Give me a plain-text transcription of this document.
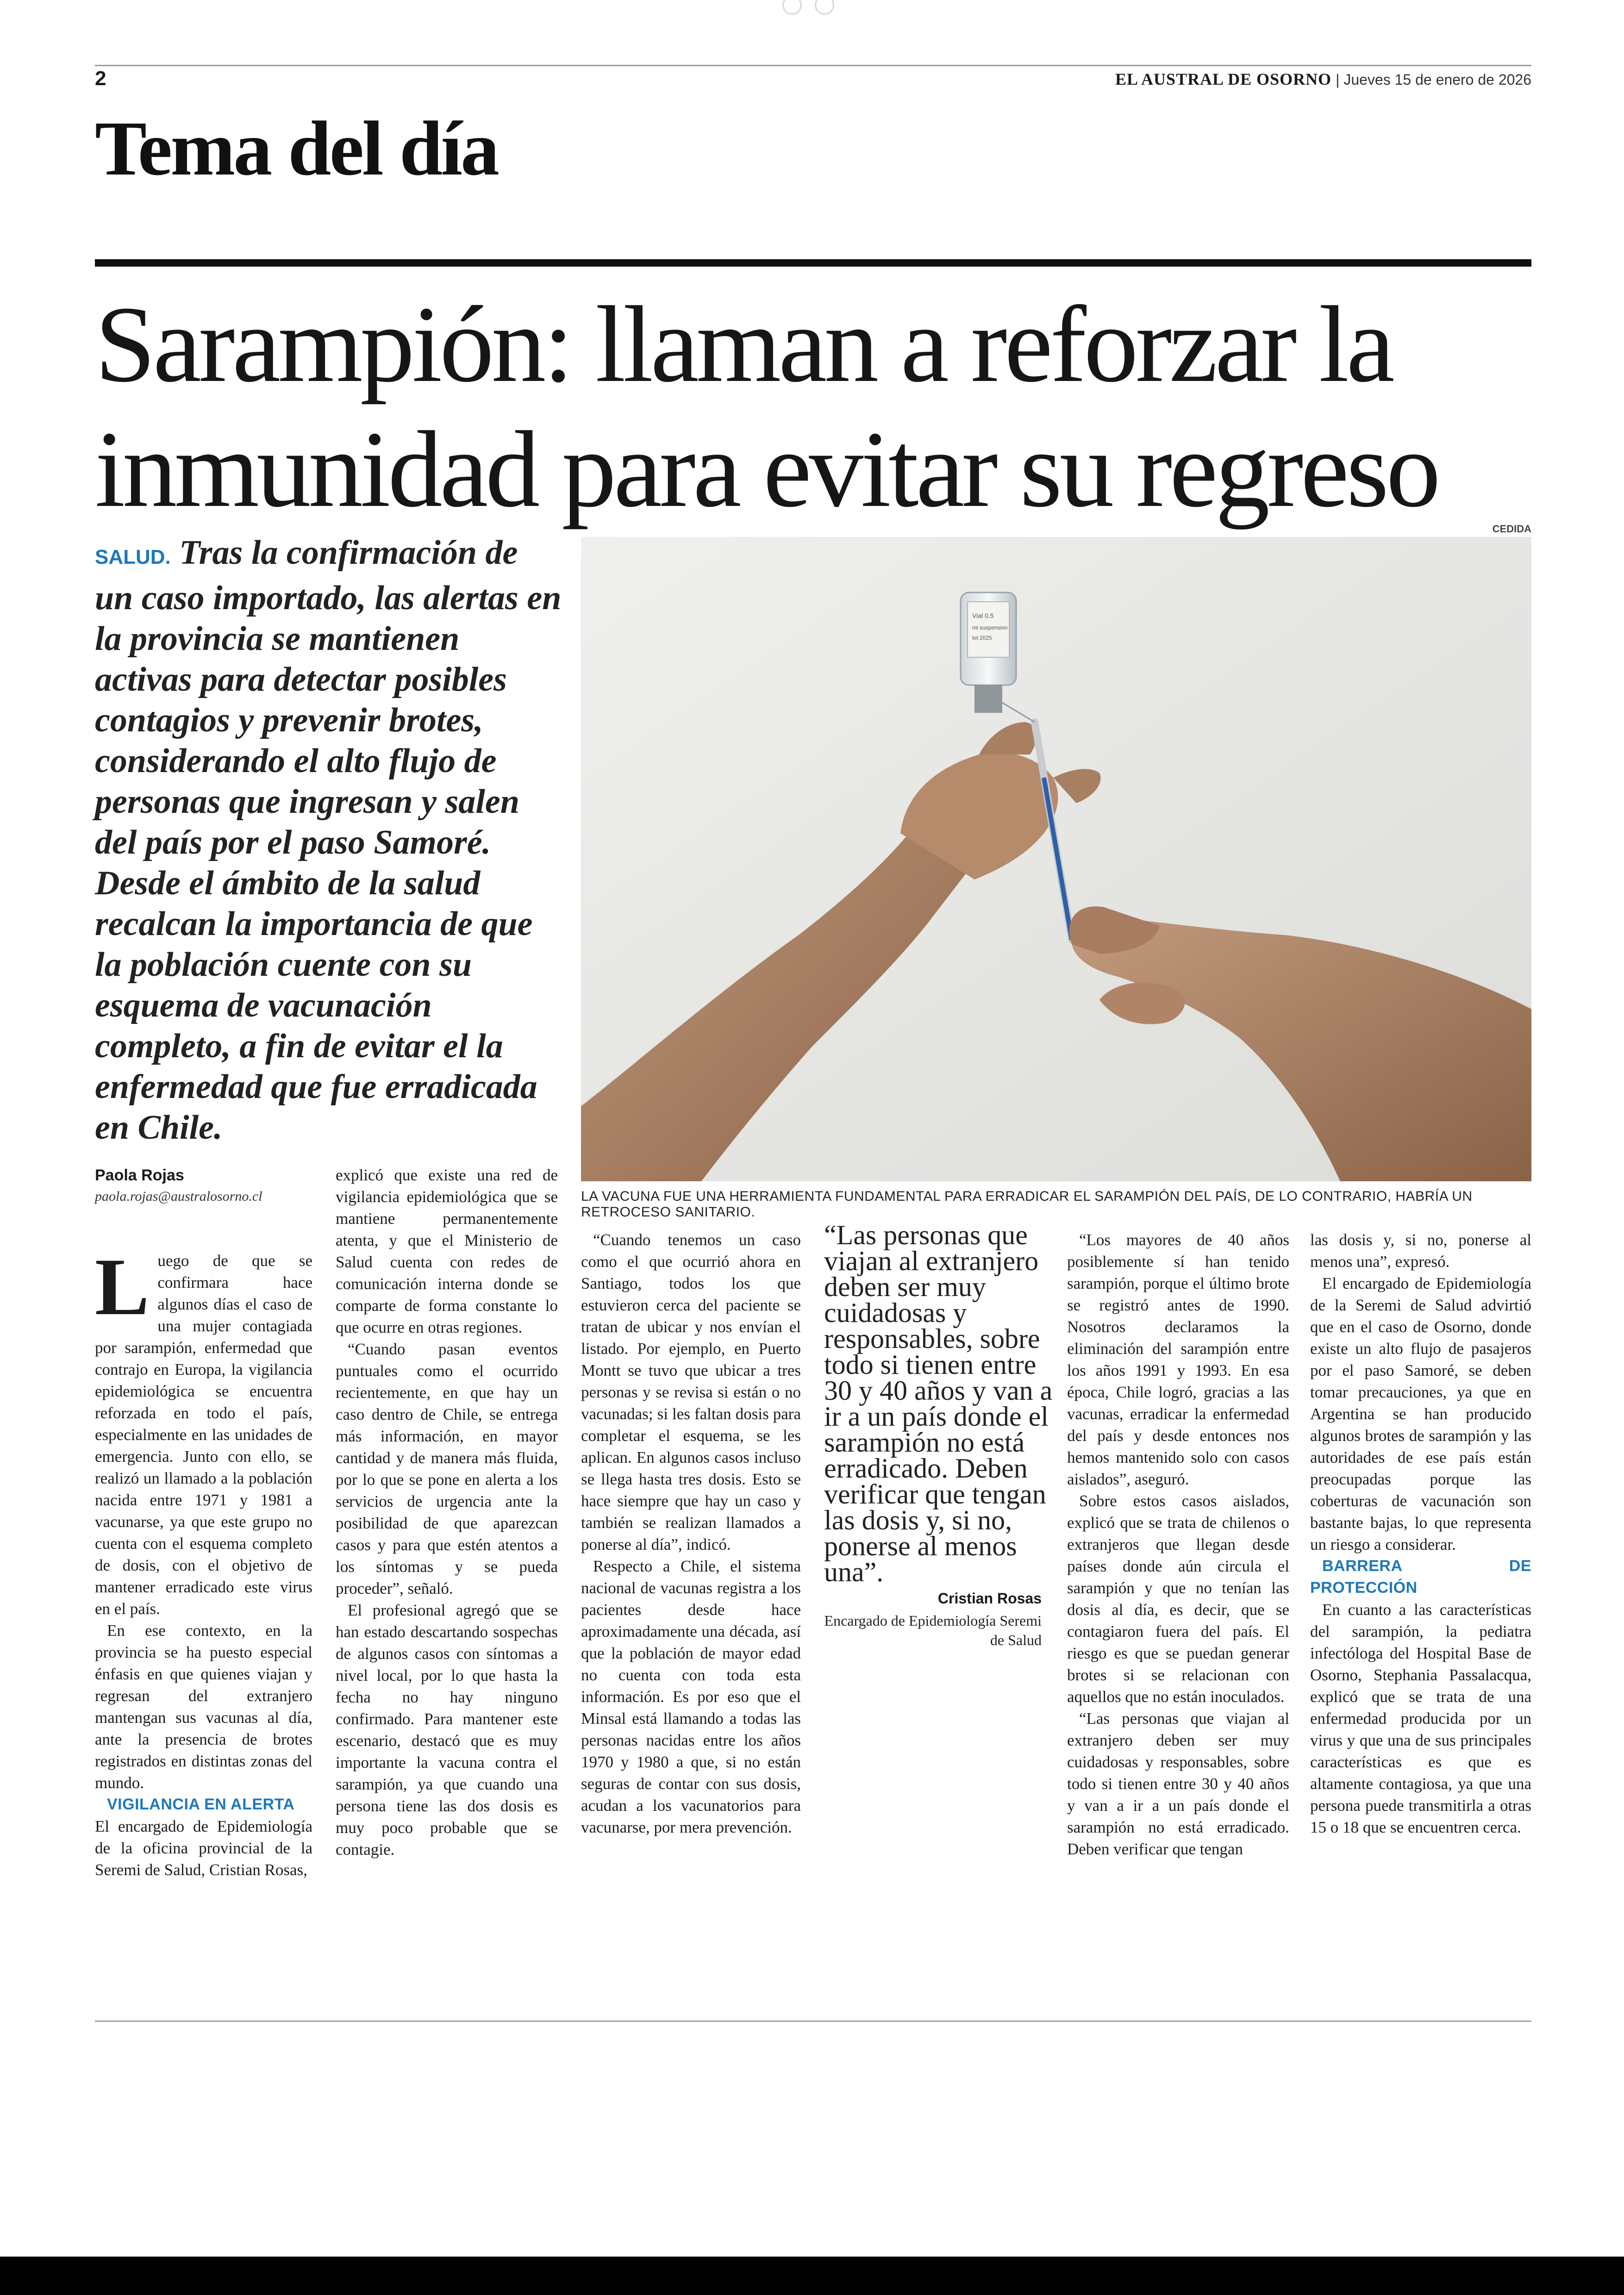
2	EL AUSTRAL DE OSORNO | Jueves 15 de enero de 2026
Tema del día
Sarampión: llaman a reforzar la inmunidad para evitar su regreso
SALUD. Tras la confirmación de un caso importado, las alertas en la provincia se mantienen activas para detectar posibles contagios y prevenir brotes, considerando el alto flujo de personas que ingresan y salen del país por el paso Samoré. Desde el ámbito de la salud recalcan la importancia de que la población cuente con su esquema de vacunación completo, a fin de evitar el la enfermedad que fue erradicada en Chile.
CEDIDA
Vial 0.5
ml suspension
lot 2025
LA VACUNA FUE UNA HERRAMIENTA FUNDAMENTAL PARA ERRADICAR EL SARAMPIÓN DEL PAÍS, DE LO CONTRARIO, HABRÍA UN RETROCESO SANITARIO.
Paola Rojas
paola.rojas@australosorno.cl

Luego de que se confirmara hace algunos días el caso de una mujer contagiada por sarampión, enfermedad que contrajo en Europa, la vigilancia epidemiológica se encuentra reforzada en todo el país, especialmente en las unidades de emergencia. Junto con ello, se realizó un llamado a la población nacida entre 1971 y 1981 a vacunarse, ya que este grupo no cuenta con el esquema completo de dosis, con el objetivo de mantener erradicado este virus en el país.

En ese contexto, en la provincia se ha puesto especial énfasis en que quienes viajan y regresan del extranjero mantengan sus vacunas al día, ante la presencia de brotes registrados en distintas zonas del mundo.

VIGILANCIA EN ALERTA

El encargado de Epidemiología de la oficina provincial de la Seremi de Salud, Cristian Rosas,

explicó que existe una red de vigilancia epidemiológica que se mantiene permanentemente atenta, y que el Ministerio de Salud cuenta con redes de comunicación interna donde se comparte de forma constante lo que ocurre en otras regiones.

“Cuando pasan eventos puntuales como el ocurrido recientemente, en que hay un caso dentro de Chile, se entrega más información, en mayor cantidad y de manera más fluida, por lo que se pone en alerta a los servicios de urgencia ante la posibilidad de que aparezcan casos y para que estén atentos a los síntomas y se pueda proceder”, señaló.

El profesional agregó que se han estado descartando sospechas de algunos casos con síntomas a nivel local, por lo que hasta la fecha no hay ninguno confirmado. Para mantener este escenario, destacó que es muy importante la vacuna contra el sarampión, ya que cuando una persona tiene las dos dosis es muy poco probable que se contagie.

“Cuando tenemos un caso como el que ocurrió ahora en Santiago, todos los que estuvieron cerca del paciente se tratan de ubicar y nos envían el listado. Por ejemplo, en Puerto Montt se tuvo que ubicar a tres personas y se revisa si están o no vacunadas; si les faltan dosis para completar el esquema, se les aplican. En algunos casos incluso se llega hasta tres dosis. Esto se hace siempre que hay un caso y también se realizan llamados a ponerse al día”, indicó.

Respecto a Chile, el sistema nacional de vacunas registra a los pacientes desde hace aproximadamente una década, así que la población de mayor edad no cuenta con toda esta información. Es por eso que el Minsal está llamando a todas las personas nacidas entre los años 1970 y 1980 a que, si no están seguras de contar con sus dosis, acudan a los vacunatorios para vacunarse, por mera prevención.

“Las personas que viajan al extranjero deben ser muy cuidadosas y responsables, sobre todo si tienen entre 30 y 40 años y van a ir a un país donde el sarampión no está erradicado. Deben verificar que tengan las dosis y, si no, ponerse al menos una”.
Cristian Rosas
Encargado de Epidemiología Seremi de Salud

“Los mayores de 40 años posiblemente sí han tenido sarampión, porque el último brote se registró antes de 1990. Nosotros declaramos la eliminación del sarampión entre los años 1991 y 1993. En esa época, Chile logró, gracias a las vacunas, erradicar la enfermedad del país y desde entonces nos hemos mantenido solo con casos aislados”, aseguró.

Sobre estos casos aislados, explicó que se trata de chilenos o extranjeros que llegan desde países donde aún circula el sarampión y que no tenían las dosis al día, es decir, que se contagiaron fuera del país. El riesgo es que se puedan generar brotes si se relacionan con aquellos que no están inoculados.

“Las personas que viajan al extranjero deben ser muy cuidadosas y responsables, sobre todo si tienen entre 30 y 40 años y van a ir a un país donde el sarampión no está erradicado. Deben verificar que tengan

las dosis y, si no, ponerse al menos una”, expresó.

El encargado de Epidemiología de la Seremi de Salud advirtió que en el caso de Osorno, donde existe un alto flujo de pasajeros por el paso Samoré, se deben tomar precauciones, ya que en Argentina se han producido algunos brotes de sarampión y las autoridades de ese país están preocupadas porque las coberturas de vacunación son bastante bajas, lo que representa un riesgo a considerar.

BARRERA DE PROTECCIÓN

En cuanto a las características del sarampión, la pediatra infectóloga del Hospital Base de Osorno, Stephania Passalacqua, explicó que se trata de una enfermedad producida por un virus y que una de sus principales características es que es altamente contagiosa, ya que una persona puede transmitirla a otras 15 o 18 que se encuentren cerca.
